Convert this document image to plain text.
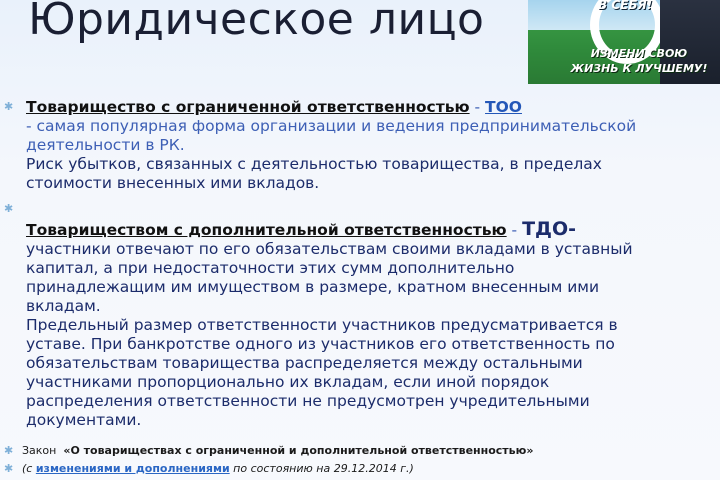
Юридическое лицо	В СЕБЯ!
ИЗМЕНИ СВОЮ
ЖИЗНЬ К ЛУЧШЕМУ!
✱ Товарищество с ограниченной ответственностью - ТОО
- самая популярная форма организации и ведения предпринимательской
деятельности в РК.
Риск убытков, связанных с деятельностью товарищества, в пределах
стоимости внесенных ими вкладов.
✱
Товариществом с дополнительной ответственностью - ТДО-
участники отвечают по его обязательствам своими вкладами в уставный
капитал, а при недостаточности этих сумм дополнительно
принадлежащим им имуществом в размере, кратном внесенным ими
вкладам.
Предельный размер ответственности участников предусматривается в
уставе. При банкротстве одного из участников его ответственность по
обязательствам товарищества распределяется между остальными
участниками пропорционально их вкладам, если иной порядок
распределения ответственности не предусмотрен учредительными
документами.
✱ Закон «О товариществах с ограниченной и дополнительной ответственностью»
✱ (с изменениями и дополнениями по состоянию на 29.12.2014 г.)
